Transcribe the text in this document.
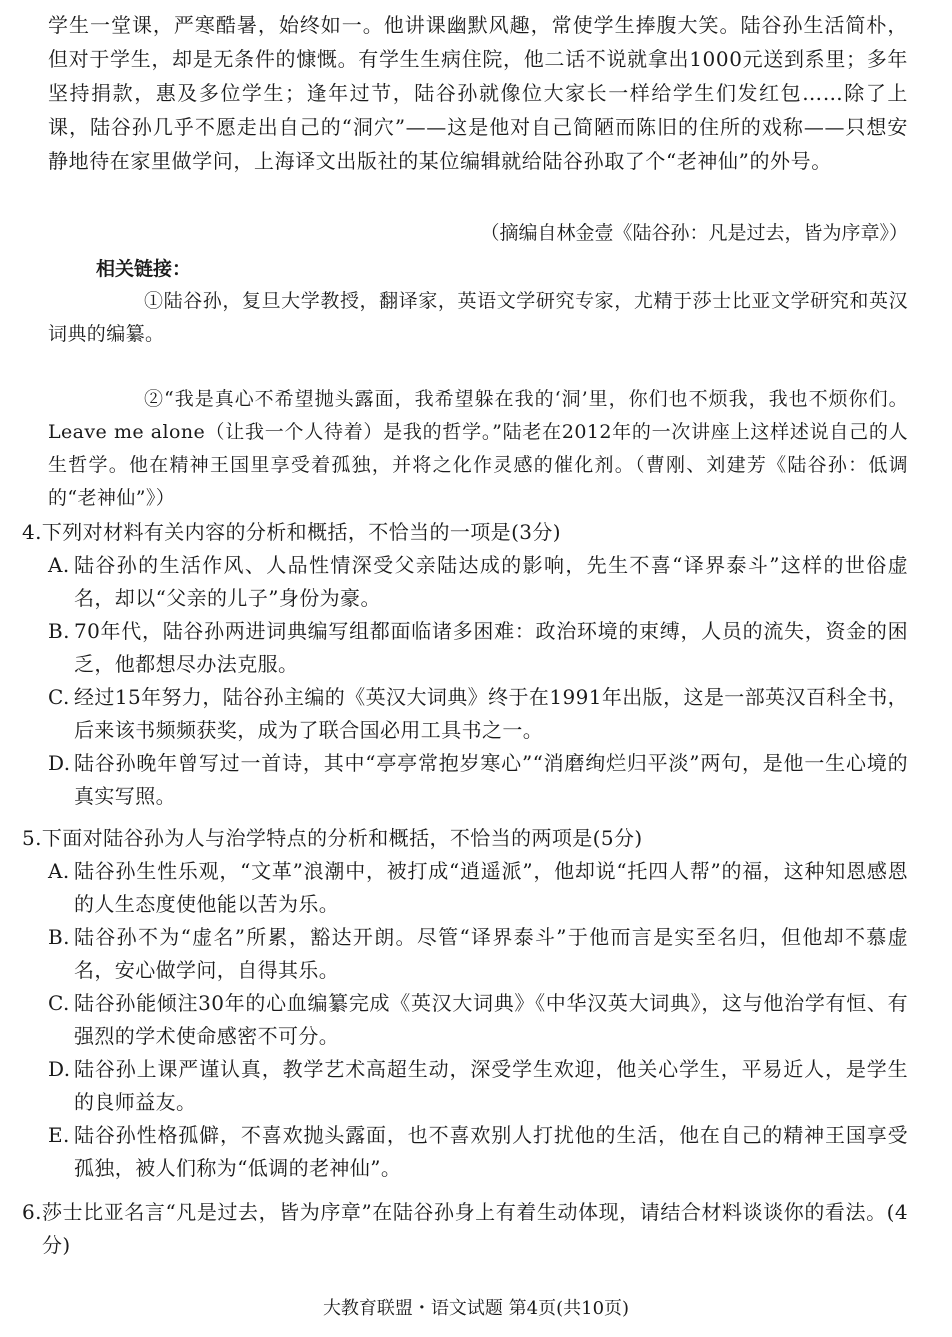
学生一堂课，严寒酷暑，始终如一。他讲课幽默风趣，常使学生捧腹大笑。陆谷孙生活简朴，但对于学生，却是无条件的慷慨。有学生生病住院，他二话不说就拿出1000元送到系里；多年坚持捐款，惠及多位学生；逢年过节，陆谷孙就像位大家长一样给学生们发红包……除了上课，陆谷孙几乎不愿走出自己的“洞穴”——这是他对自己简陋而陈旧的住所的戏称——只想安静地待在家里做学问，上海译文出版社的某位编辑就给陆谷孙取了个“老神仙”的外号。
（摘编自林金壹《陆谷孙：凡是过去，皆为序章》）
相关链接：
①陆谷孙，复旦大学教授，翻译家，英语文学研究专家，尤精于莎士比亚文学研究和英汉词典的编纂。
②“我是真心不希望抛头露面，我希望躲在我的‘洞’里，你们也不烦我，我也不烦你们。Leave me alone（让我一个人待着）是我的哲学。”陆老在2012年的一次讲座上这样述说自己的人生哲学。他在精神王国里享受着孤独，并将之化作灵感的催化剂。（曹刚、刘建芳《陆谷孙：低调的“老神仙”》）
4.下列对材料有关内容的分析和概括，不恰当的一项是(3分)
A. 陆谷孙的生活作风、人品性情深受父亲陆达成的影响，先生不喜“译界泰斗”这样的世俗虚名，却以“父亲的儿子”身份为豪。
B. 70年代，陆谷孙两进词典编写组都面临诸多困难：政治环境的束缚，人员的流失，资金的困乏，他都想尽办法克服。
C. 经过15年努力，陆谷孙主编的《英汉大词典》终于在1991年出版，这是一部英汉百科全书，后来该书频频获奖，成为了联合国必用工具书之一。
D. 陆谷孙晚年曾写过一首诗，其中“亭亭常抱岁寒心”“消磨绚烂归平淡”两句，是他一生心境的真实写照。
5.下面对陆谷孙为人与治学特点的分析和概括，不恰当的两项是(5分)
A. 陆谷孙生性乐观，“文革”浪潮中，被打成“逍遥派”，他却说“托四人帮”的福，这种知恩感恩的人生态度使他能以苦为乐。
B. 陆谷孙不为“虚名”所累，豁达开朗。尽管“译界泰斗”于他而言是实至名归，但他却不慕虚名，安心做学问，自得其乐。
C. 陆谷孙能倾注30年的心血编纂完成《英汉大词典》《中华汉英大词典》，这与他治学有恒、有强烈的学术使命感密不可分。
D. 陆谷孙上课严谨认真，教学艺术高超生动，深受学生欢迎，他关心学生，平易近人，是学生的良师益友。
E. 陆谷孙性格孤僻，不喜欢抛头露面，也不喜欢别人打扰他的生活，他在自己的精神王国享受孤独，被人们称为“低调的老神仙”。
6.莎士比亚名言“凡是过去，皆为序章”在陆谷孙身上有着生动体现，请结合材料谈谈你的看法。(4分)
大教育联盟・语文试题 第4页(共10页)
